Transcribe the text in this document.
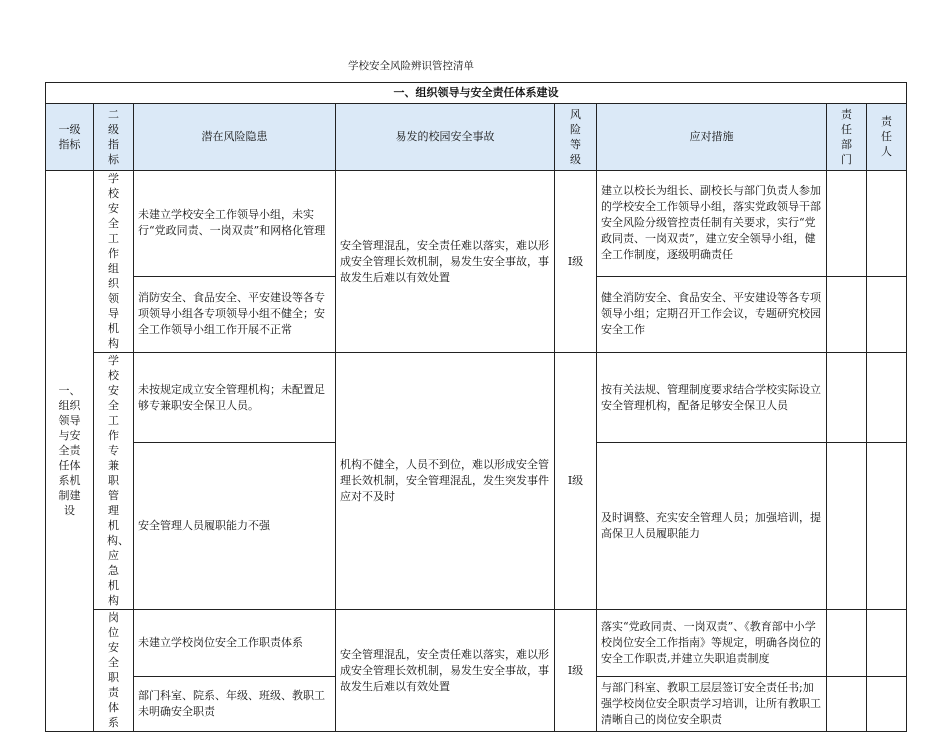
学校安全风险辨识管控清单
一、组织领导与安全责任体系建设							
一级指标	二级指标	潜在风险隐患	易发的校园安全事故	风险等级	应对措施	责任部门	责任人
一、组织领导与安全责任体系机制建设	学校安全工作组织领导机构	未建立学校安全工作领导小组，未实行“党政同责、一岗双责”和网格化管理	安全管理混乱，安全责任难以落实，难以形成安全管理长效机制，易发生安全事故，事故发生后难以有效处置	I级	建立以校长为组长、副校长与部门负责人参加的学校安全工作领导小组，落实党政领导干部安全风险分级管控责任制有关要求，实行“党政同责、一岗双责”，建立安全领导小组，健全工作制度，逐级明确责任		
		消防安全、食品安全、平安建设等各专项领导小组各专项领导小组不健全；安全工作领导小组工作开展不正常			健全消防安全、食品安全、平安建设等各专项领导小组；定期召开工作会议，专题研究校园安全工作		
	学校安全工作专兼职管理机构、应急机构	未按规定成立安全管理机构；未配置足够专兼职安全保卫人员。	机构不健全，人员不到位，难以形成安全管理长效机制，安全管理混乱，发生突发事件应对不及时	I级	按有关法规、管理制度要求结合学校实际设立安全管理机构，配备足够安全保卫人员		
		安全管理人员履职能力不强			及时调整、充实安全管理人员；加强培训，提高保卫人员履职能力		
	岗位安全职责体系	未建立学校岗位安全工作职责体系	安全管理混乱，安全责任难以落实，难以形成安全管理长效机制，易发生安全事故，事故发生后难以有效处置	I级	落实“党政同责、一岗双责”、《教育部中小学校岗位安全工作指南》等规定，明确各岗位的安全工作职责,并建立失职追责制度		
		部门科室、院系、年级、班级、教职工未明确安全职责			与部门科室、教职工层层签订安全责任书;加强学校岗位安全职责学习培训，让所有教职工清晰自己的岗位安全职责		
